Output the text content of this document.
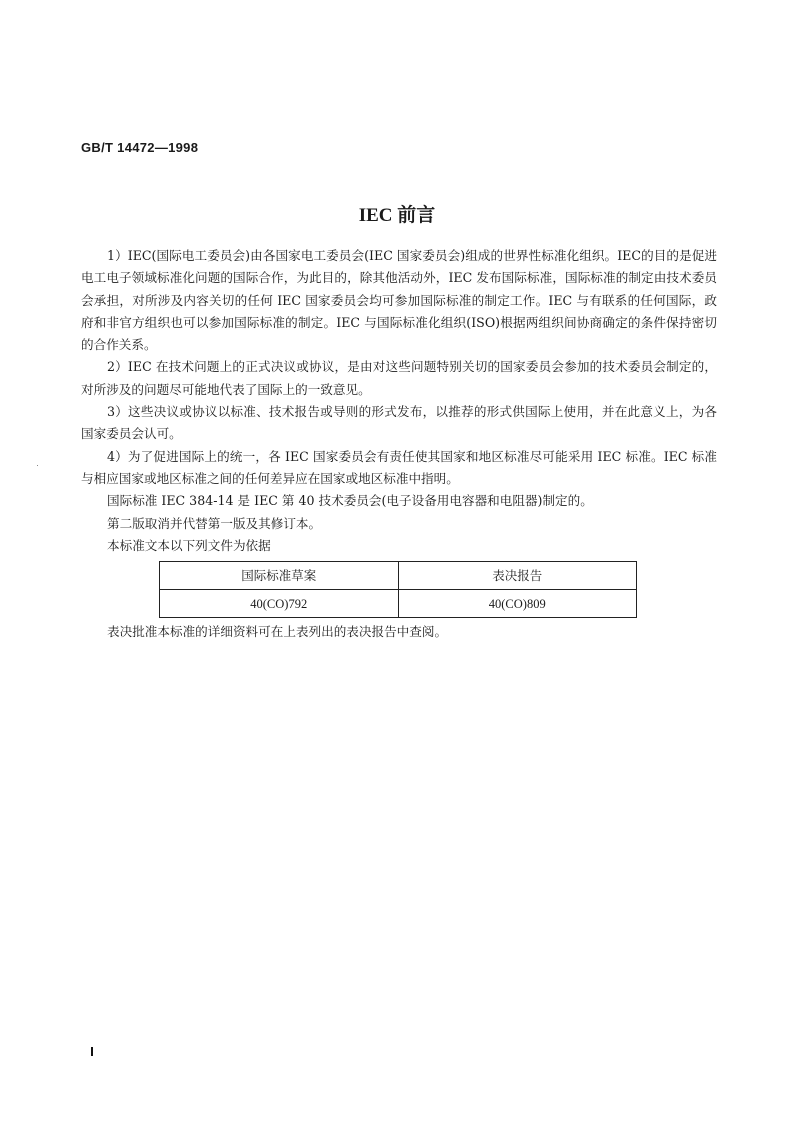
GB/T 14472—1998
IEC 前言

1）IEC(国际电工委员会)由各国家电工委员会(IEC 国家委员会)组成的世界性标准化组织。IEC的目的是促进电工电子领域标准化问题的国际合作，为此目的，除其他活动外，IEC 发布国际标准，国际标准的制定由技术委员会承担，对所涉及内容关切的任何 IEC 国家委员会均可参加国际标准的制定工作。IEC 与有联系的任何国际，政府和非官方组织也可以参加国际标准的制定。IEC 与国际标准化组织(ISO)根据两组织间协商确定的条件保持密切的合作关系。

2）IEC 在技术问题上的正式决议或协议，是由对这些问题特别关切的国家委员会参加的技术委员会制定的，对所涉及的问题尽可能地代表了国际上的一致意见。

3）这些决议或协议以标准、技术报告或导则的形式发布，以推荐的形式供国际上使用，并在此意义上，为各国家委员会认可。

4）为了促进国际上的统一，各 IEC 国家委员会有责任使其国家和地区标准尽可能采用 IEC 标准。IEC 标准与相应国家或地区标准之间的任何差异应在国家或地区标准中指明。

国际标准 IEC 384-14 是 IEC 第 40 技术委员会(电子设备用电容器和电阻器)制定的。

第二版取消并代替第一版及其修订本。

本标准文本以下列文件为依据

国际标准草案	表决报告
40(CO)792	40(CO)809

表决批准本标准的详细资料可在上表列出的表决报告中查阅。
